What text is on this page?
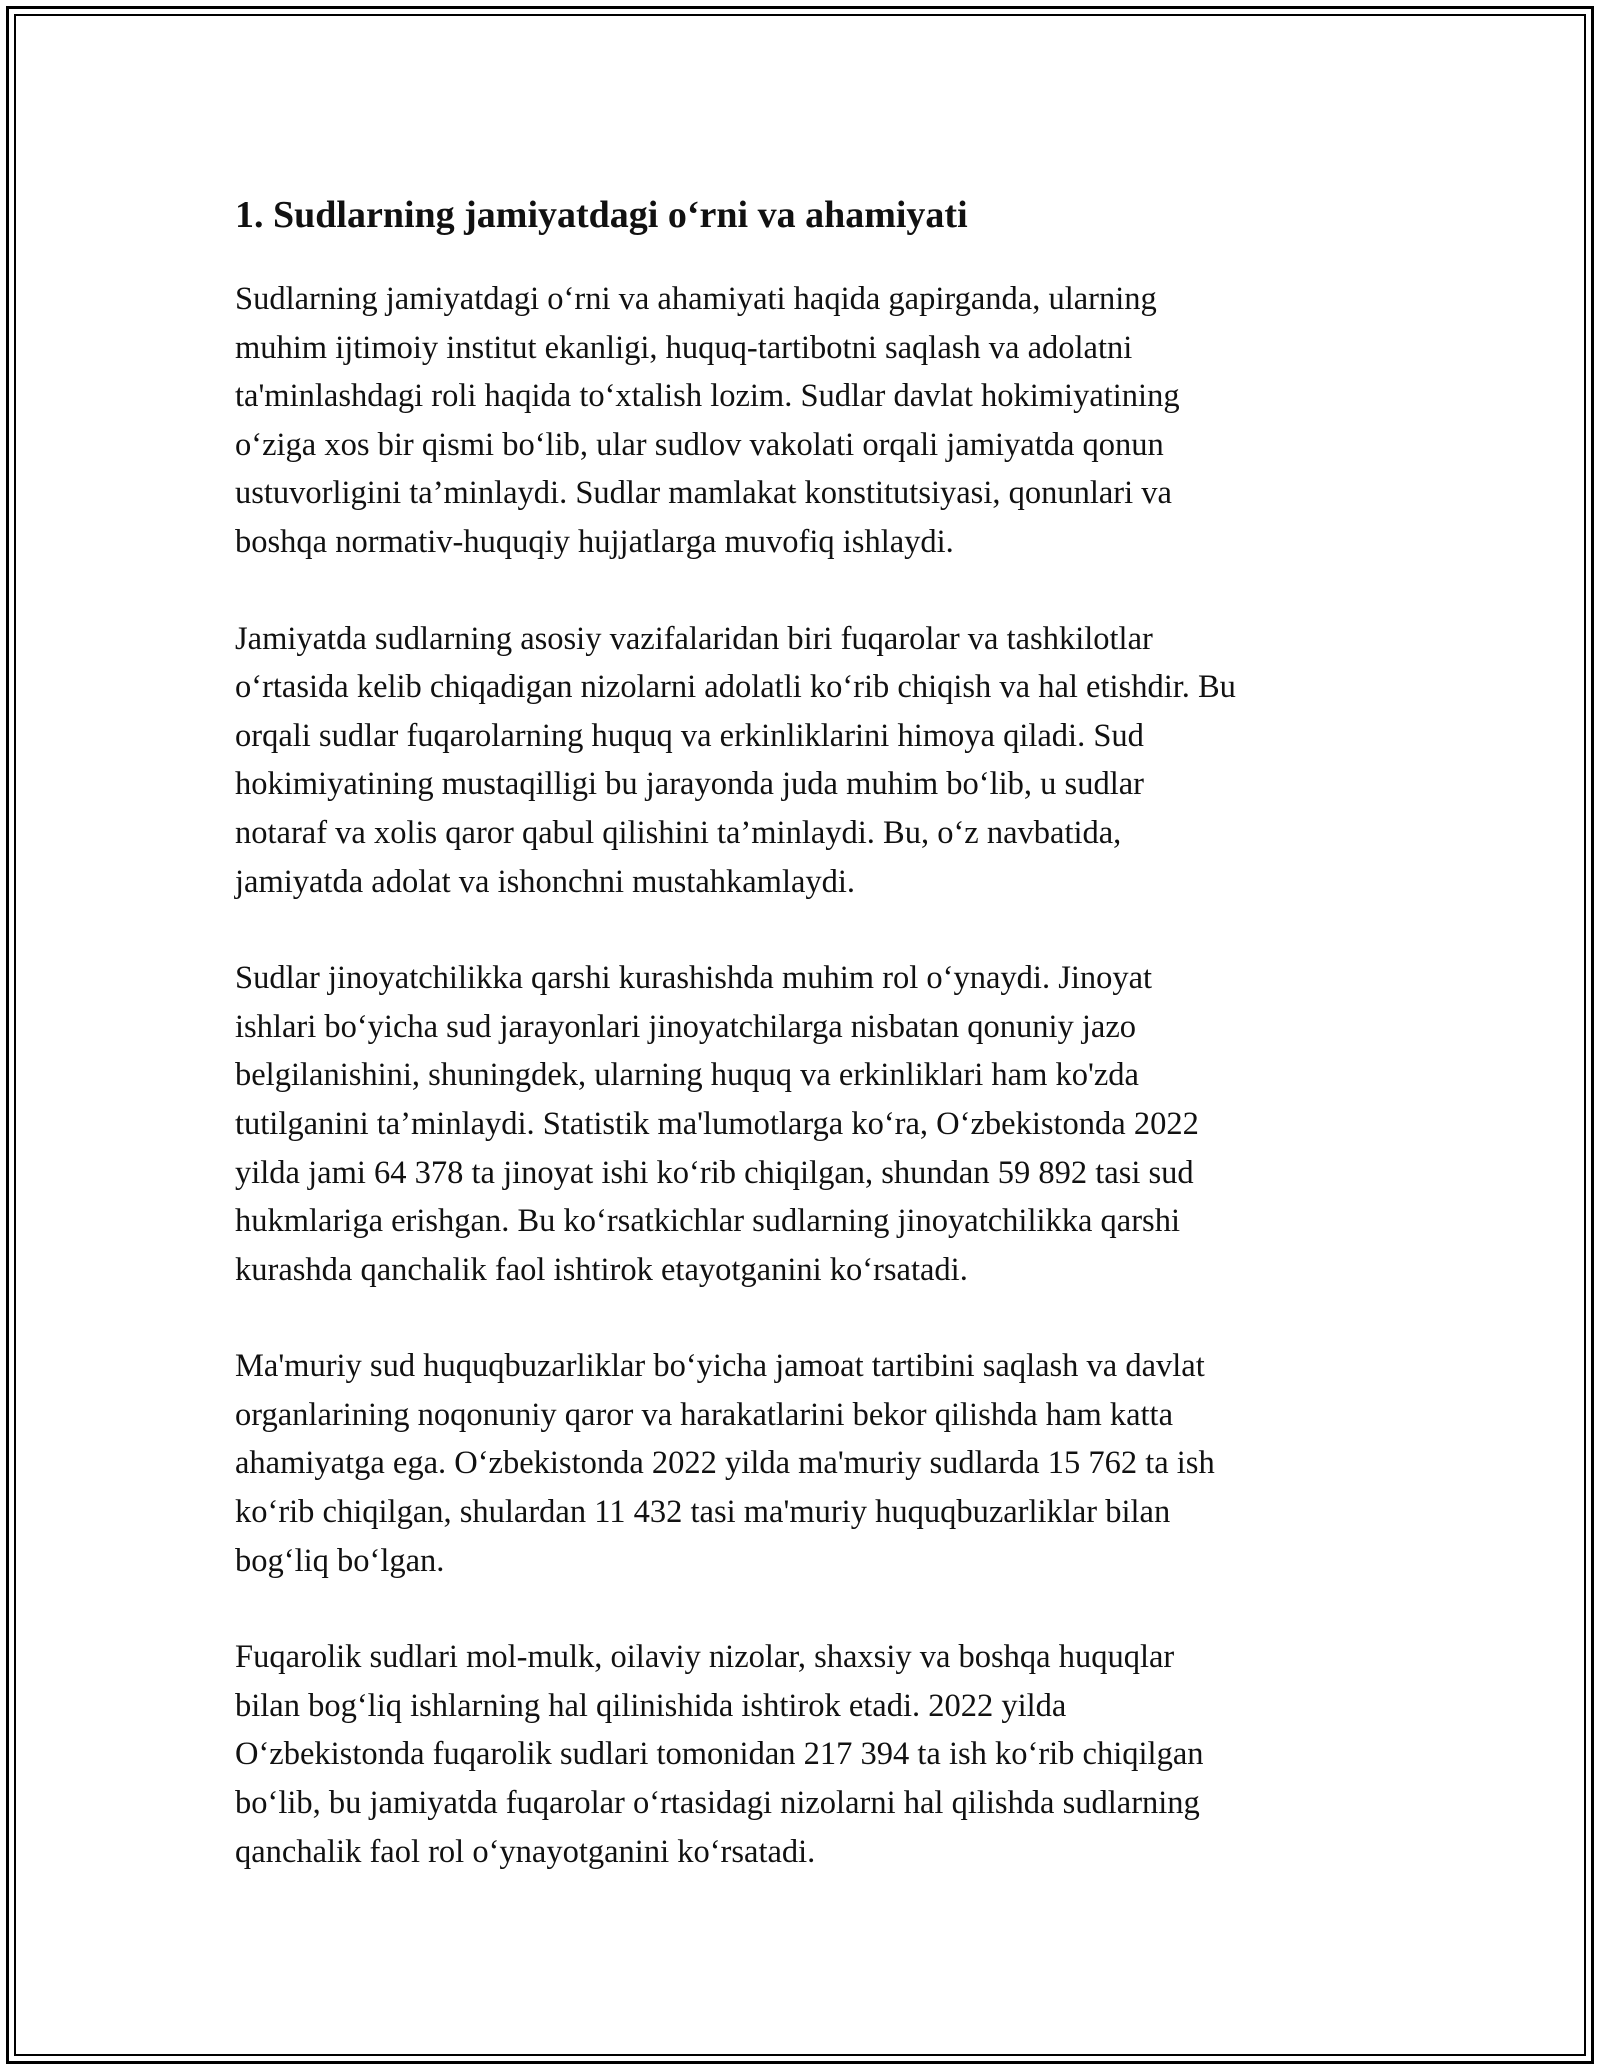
1. Sudlarning jamiyatdagi o‘rni va ahamiyati

Sudlarning jamiyatdagi o‘rni va ahamiyati haqida gapirganda, ularning
muhim ijtimoiy institut ekanligi, huquq-tartibotni saqlash va adolatni
ta'minlashdagi roli haqida to‘xtalish lozim. Sudlar davlat hokimiyatining
o‘ziga xos bir qismi bo‘lib, ular sudlov vakolati orqali jamiyatda qonun
ustuvorligini ta’minlaydi. Sudlar mamlakat konstitutsiyasi, qonunlari va
boshqa normativ-huquqiy hujjatlarga muvofiq ishlaydi.

Jamiyatda sudlarning asosiy vazifalaridan biri fuqarolar va tashkilotlar
o‘rtasida kelib chiqadigan nizolarni adolatli ko‘rib chiqish va hal etishdir. Bu
orqali sudlar fuqarolarning huquq va erkinliklarini himoya qiladi. Sud
hokimiyatining mustaqilligi bu jarayonda juda muhim bo‘lib, u sudlar
notaraf va xolis qaror qabul qilishini ta’minlaydi. Bu, o‘z navbatida,
jamiyatda adolat va ishonchni mustahkamlaydi.

Sudlar jinoyatchilikka qarshi kurashishda muhim rol o‘ynaydi. Jinoyat
ishlari bo‘yicha sud jarayonlari jinoyatchilarga nisbatan qonuniy jazo
belgilanishini, shuningdek, ularning huquq va erkinliklari ham ko'zda
tutilganini ta’minlaydi. Statistik ma'lumotlarga ko‘ra, O‘zbekistonda 2022
yilda jami 64 378 ta jinoyat ishi ko‘rib chiqilgan, shundan 59 892 tasi sud
hukmlariga erishgan. Bu ko‘rsatkichlar sudlarning jinoyatchilikka qarshi
kurashda qanchalik faol ishtirok etayotganini ko‘rsatadi.

Ma'muriy sud huquqbuzarliklar bo‘yicha jamoat tartibini saqlash va davlat
organlarining noqonuniy qaror va harakatlarini bekor qilishda ham katta
ahamiyatga ega. O‘zbekistonda 2022 yilda ma'muriy sudlarda 15 762 ta ish
ko‘rib chiqilgan, shulardan 11 432 tasi ma'muriy huquqbuzarliklar bilan
bog‘liq bo‘lgan.

Fuqarolik sudlari mol-mulk, oilaviy nizolar, shaxsiy va boshqa huquqlar
bilan bog‘liq ishlarning hal qilinishida ishtirok etadi. 2022 yilda
O‘zbekistonda fuqarolik sudlari tomonidan 217 394 ta ish ko‘rib chiqilgan
bo‘lib, bu jamiyatda fuqarolar o‘rtasidagi nizolarni hal qilishda sudlarning
qanchalik faol rol o‘ynayotganini ko‘rsatadi.
